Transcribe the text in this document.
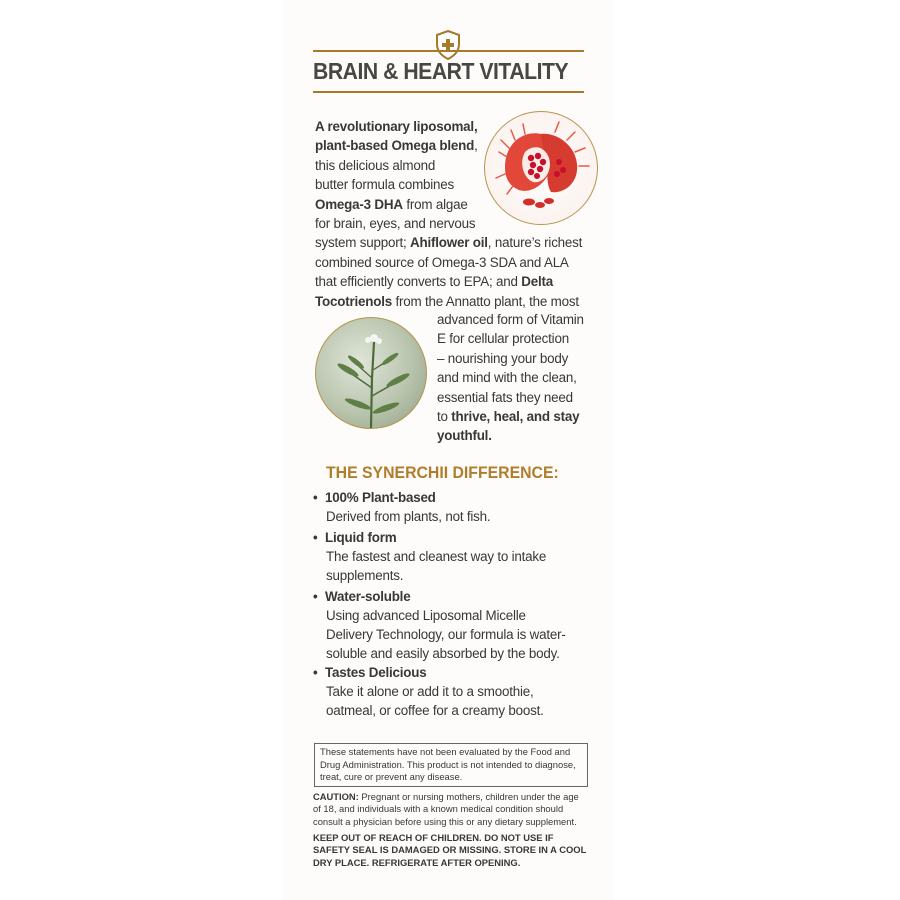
BRAIN & HEART VITALITY
A revolutionary liposomal,
plant-based Omega blend,
this delicious almond
butter formula combines
Omega-3 DHA from algae
for brain, eyes, and nervous
system support; Ahiflower oil, nature’s richest
combined source of Omega-3 SDA and ALA
that efficiently converts to EPA; and Delta
Tocotrienols from the Annatto plant, the most
advanced form of Vitamin
E for cellular protection
– nourishing your body
and mind with the clean,
essential fats they need
to thrive, heal, and stay
youthful.
THE SYNERCHII DIFFERENCE:
• 100% Plant-based
Derived from plants, not fish.
• Liquid form
The fastest and cleanest way to intake supplements.
• Water-soluble
Using advanced Liposomal Micelle Delivery Technology, our formula is water-soluble and easily absorbed by the body.
• Tastes Delicious
Take it alone or add it to a smoothie, oatmeal, or coffee for a creamy boost.
These statements have not been evaluated by the Food and Drug Administration. This product is not intended to diagnose, treat, cure or prevent any disease.
CAUTION: Pregnant or nursing mothers, children under the age of 18, and individuals with a known medical condition should consult a physician before using this or any dietary supplement.
KEEP OUT OF REACH OF CHILDREN. DO NOT USE IF SAFETY SEAL IS DAMAGED OR MISSING. STORE IN A COOL DRY PLACE. REFRIGERATE AFTER OPENING.
